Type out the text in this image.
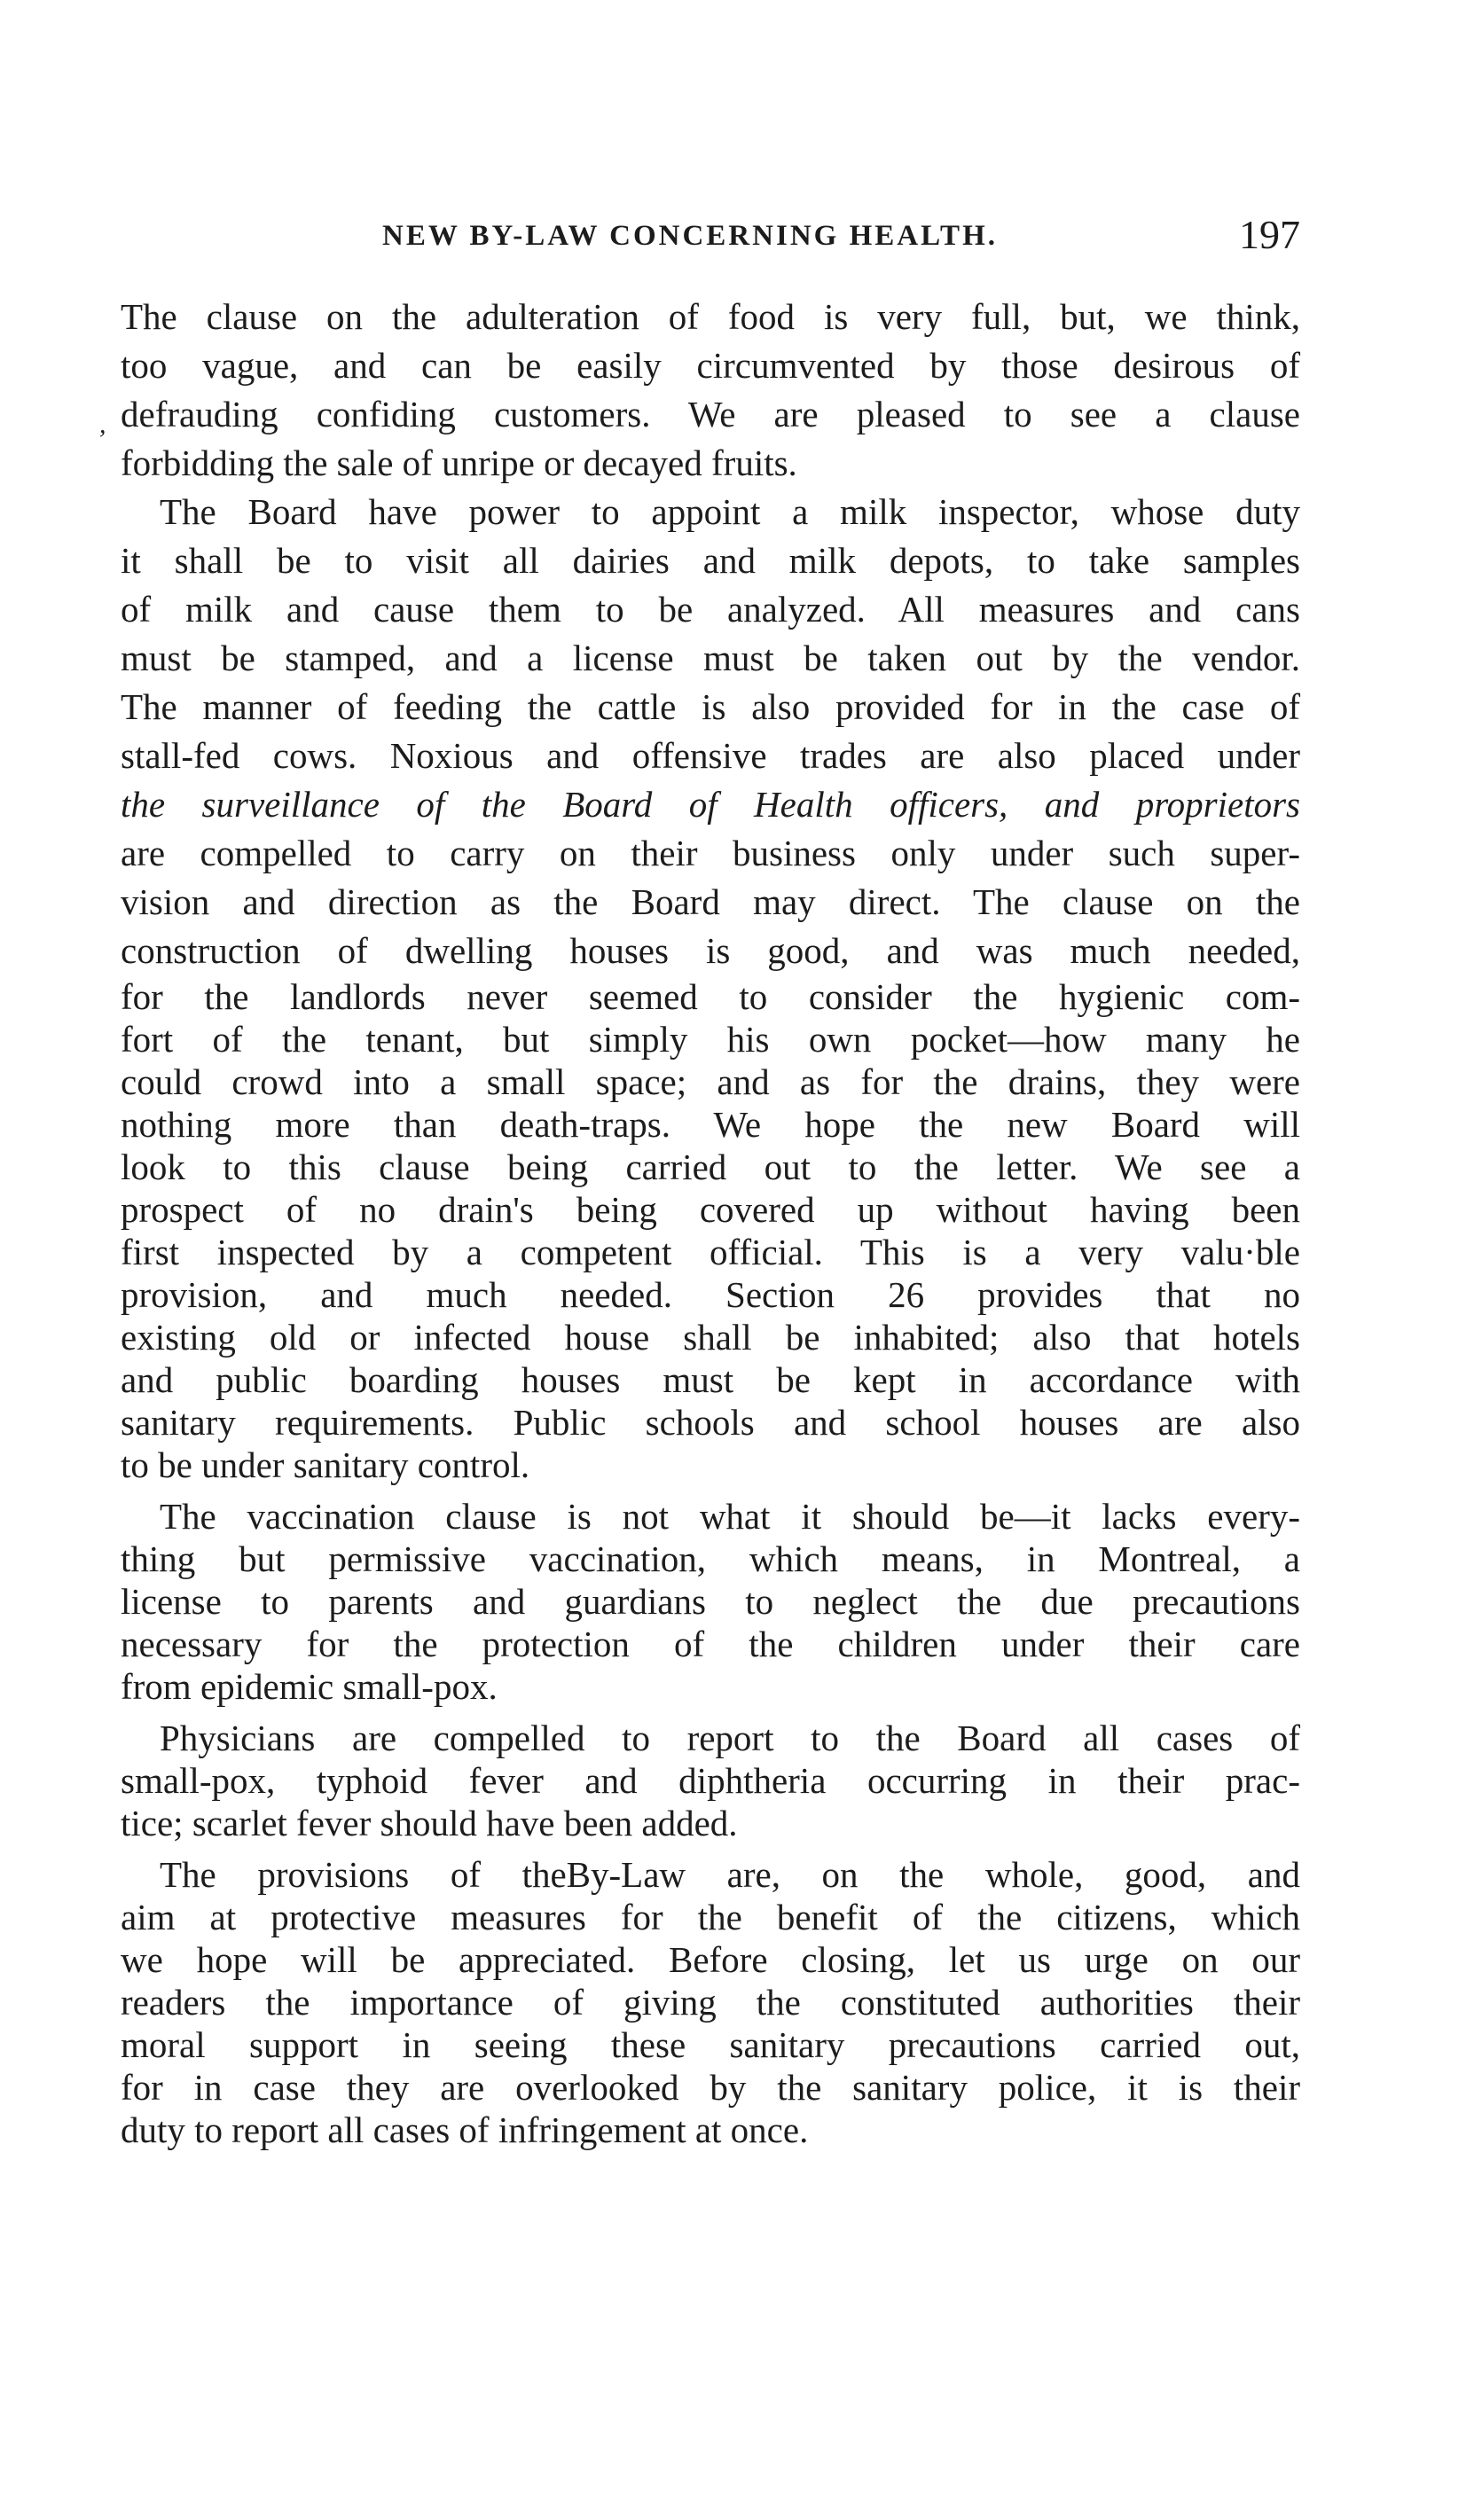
NEW BY-LAW CONCERNING HEALTH.	197
,

The clause on the adulteration of food is very full, but, we think,
too vague, and can be easily circumvented by those desirous of
defrauding confiding customers. We are pleased to see a clause
forbidding the sale of unripe or decayed fruits.

The Board have power to appoint a milk inspector, whose duty
it shall be to visit all dairies and milk depots, to take samples
of milk and cause them to be analyzed. All measures and cans
must be stamped, and a license must be taken out by the vendor.
The manner of feeding the cattle is also provided for in the case of
stall-fed cows. Noxious and offensive trades are also placed under
the surveillance of the Board of Health officers, and proprietors
are compelled to carry on their business only under such super-
vision and direction as the Board may direct. The clause on the
construction of dwelling houses is good, and was much needed,

for the landlords never seemed to consider the hygienic com-
fort of the tenant, but simply his own pocket—how many he
could crowd into a small space; and as for the drains, they were
nothing more than death-traps. We hope the new Board will
look to this clause being carried out to the letter. We see a
prospect of no drain's being covered up without having been
first inspected by a competent official. This is a very valu·ble
provision, and much needed. Section 26 provides that no
existing old or infected house shall be inhabited; also that hotels
and public boarding houses must be kept in accordance with
sanitary requirements. Public schools and school houses are also
to be under sanitary control.

The vaccination clause is not what it should be—it lacks every-
thing but permissive vaccination, which means, in Montreal, a
license to parents and guardians to neglect the due precautions
necessary for the protection of the children under their care
from epidemic small-pox.

Physicians are compelled to report to the Board all cases of
small-pox, typhoid fever and diphtheria occurring in their prac-
tice; scarlet fever should have been added.

The provisions of theBy-Law are, on the whole, good, and
aim at protective measures for the benefit of the citizens, which
we hope will be appreciated. Before closing, let us urge on our
readers the importance of giving the constituted authorities their
moral support in seeing these sanitary precautions carried out,
for in case they are overlooked by the sanitary police, it is their
duty to report all cases of infringement at once.
